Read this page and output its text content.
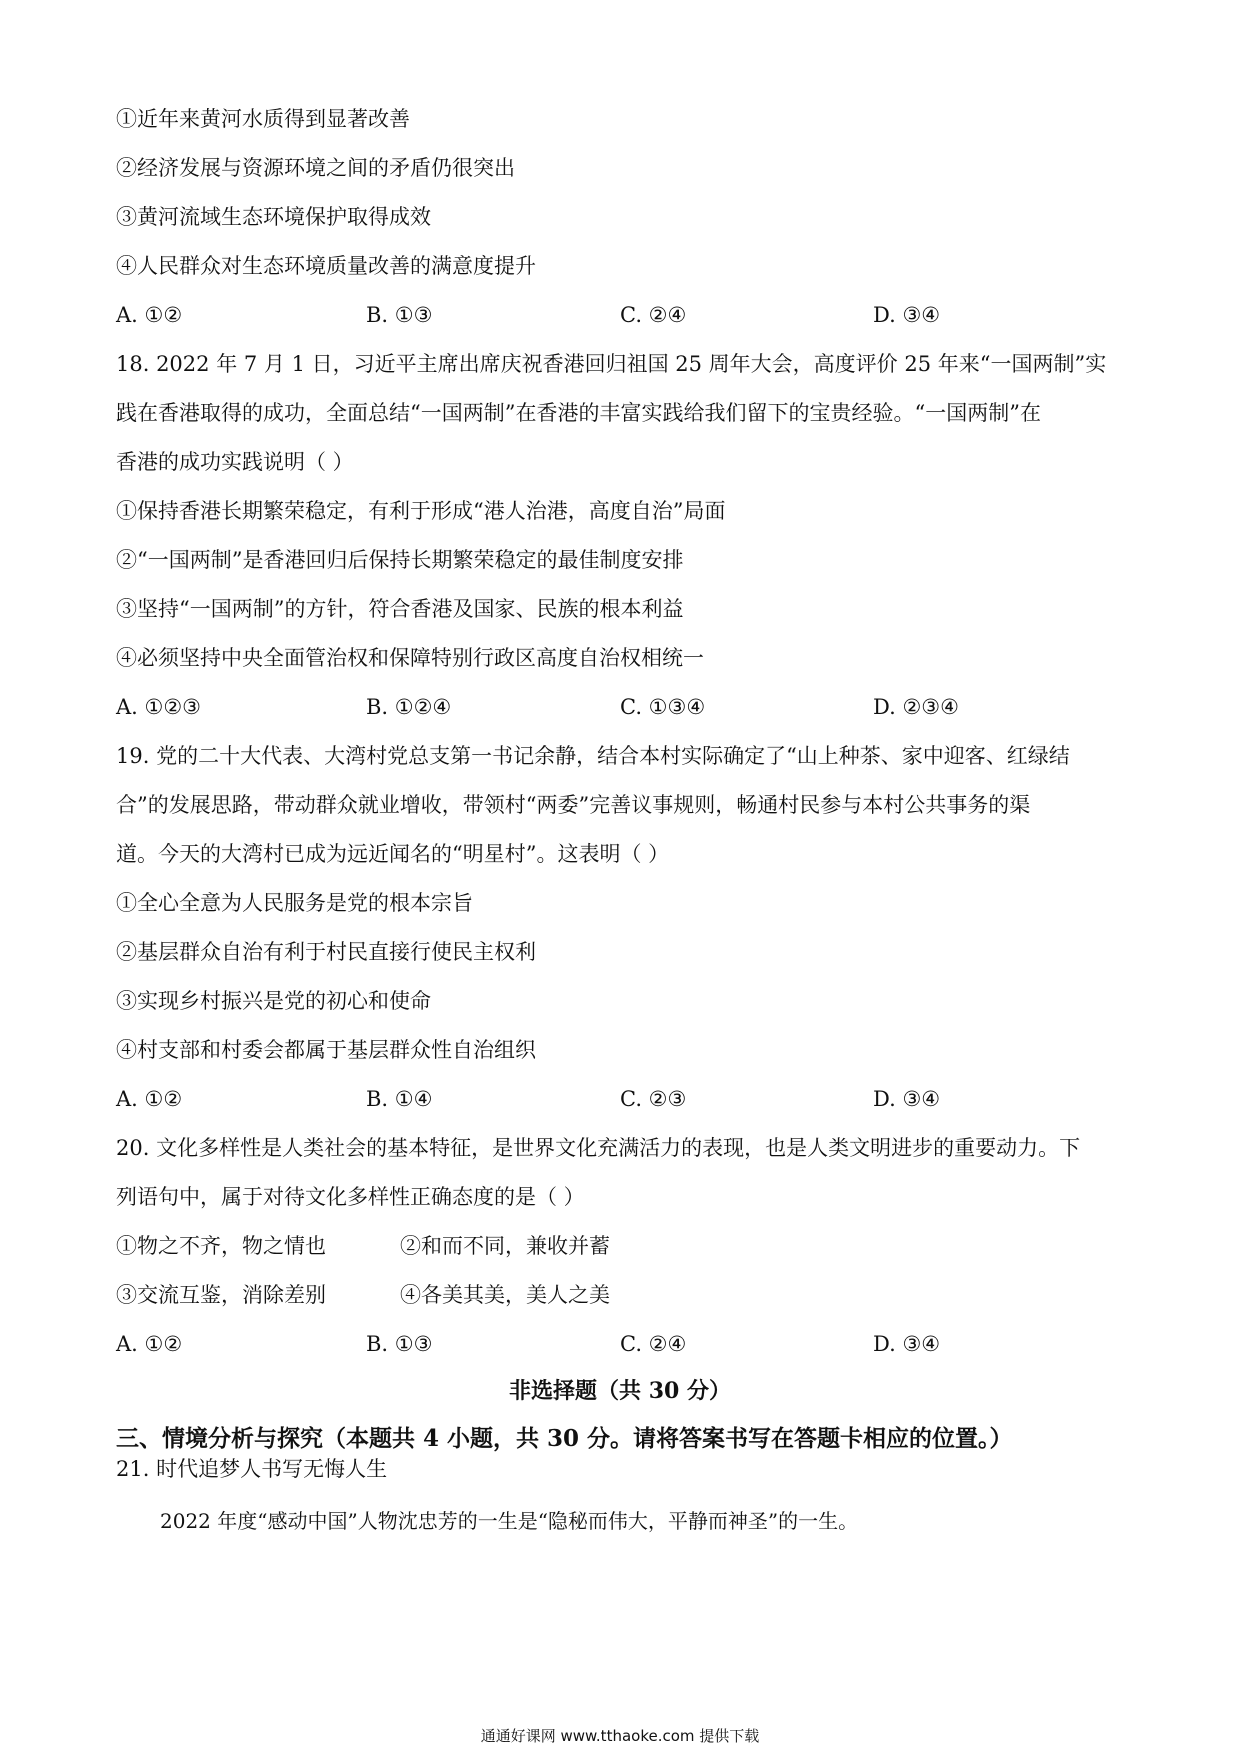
①近年来黄河水质得到显著改善
②经济发展与资源环境之间的矛盾仍很突出
③黄河流域生态环境保护取得成效
④人民群众对生态环境质量改善的满意度提升
A. ①②	B. ①③	C. ②④	D. ③④
18. 2022 年 7 月 1 日，习近平主席出席庆祝香港回归祖国 25 周年大会，高度评价 25 年来“一国两制”实
践在香港取得的成功，全面总结“一国两制”在香港的丰富实践给我们留下的宝贵经验。“一国两制”在
香港的成功实践说明（ ）
①保持香港长期繁荣稳定，有利于形成“港人治港，高度自治”局面
②“一国两制”是香港回归后保持长期繁荣稳定的最佳制度安排
③坚持“一国两制”的方针，符合香港及国家、民族的根本利益
④必须坚持中央全面管治权和保障特别行政区高度自治权相统一
A. ①②③	B. ①②④	C. ①③④	D. ②③④
19. 党的二十大代表、大湾村党总支第一书记余静，结合本村实际确定了“山上种茶、家中迎客、红绿结
合”的发展思路，带动群众就业增收，带领村“两委”完善议事规则，畅通村民参与本村公共事务的渠
道。今天的大湾村已成为远近闻名的“明星村”。这表明（ ）
①全心全意为人民服务是党的根本宗旨
②基层群众自治有利于村民直接行使民主权利
③实现乡村振兴是党的初心和使命
④村支部和村委会都属于基层群众性自治组织
A. ①②	B. ①④	C. ②③	D. ③④
20. 文化多样性是人类社会的基本特征，是世界文化充满活力的表现，也是人类文明进步的重要动力。下
列语句中，属于对待文化多样性正确态度的是（ ）
①物之不齐，物之情也	②和而不同，兼收并蓄
③交流互鉴，消除差别	④各美其美，美人之美
A. ①②	B. ①③	C. ②④	D. ③④
非选择题（共 30 分）
三、情境分析与探究（本题共 4 小题，共 30 分。请将答案书写在答题卡相应的位置。）
21. 时代追梦人书写无悔人生
2022 年度“感动中国”人物沈忠芳的一生是“隐秘而伟大，平静而神圣”的一生。
通通好课网 www.tthaoke.com 提供下载
